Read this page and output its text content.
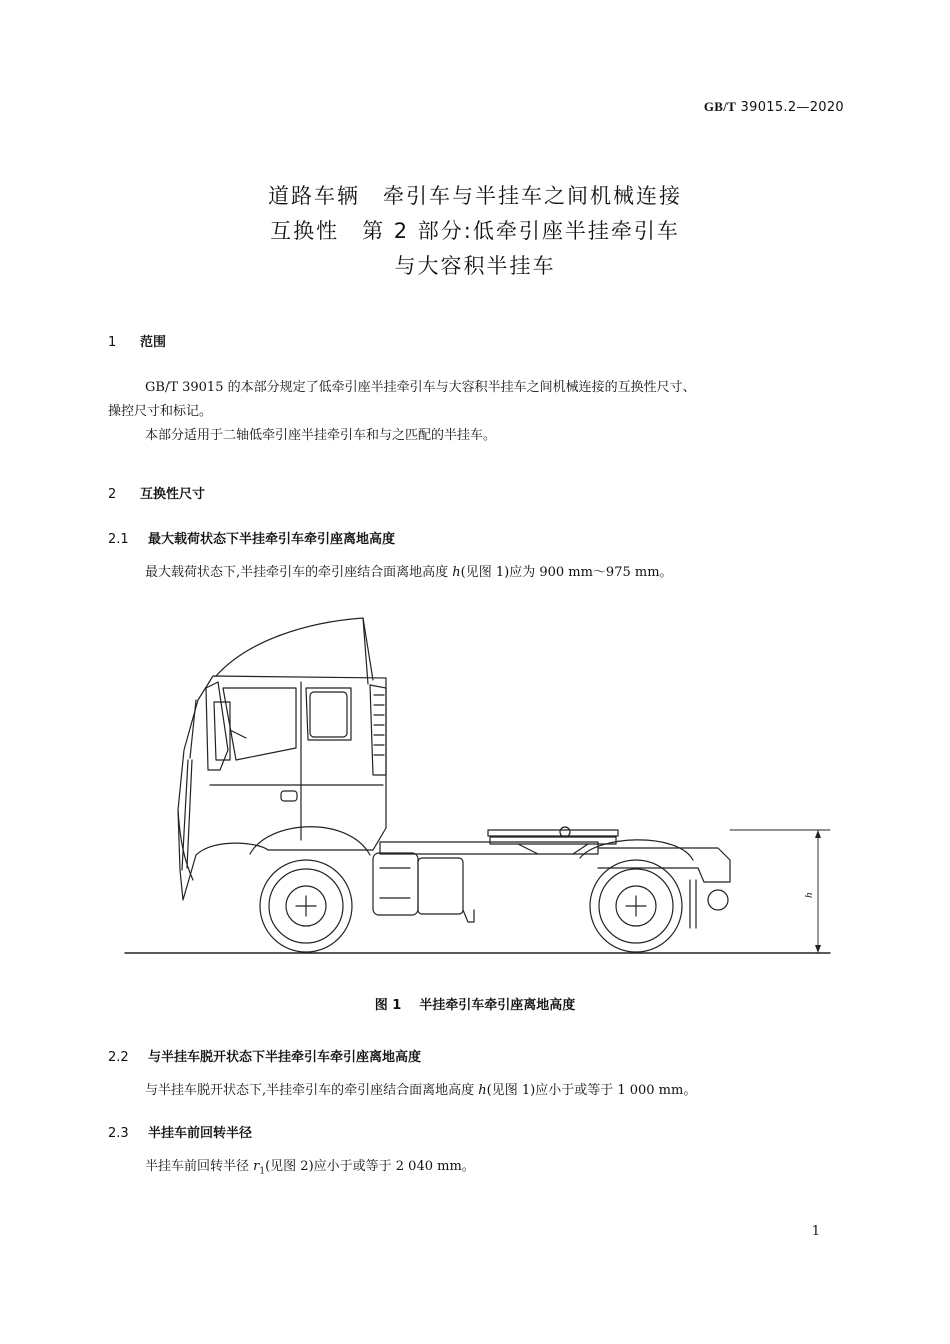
GB/T 39015.2—2020
道路车辆　牵引车与半挂车之间机械连接
互换性　第 2 部分:低牵引座半挂牵引车
与大容积半挂车
1 范围
GB/T 39015 的本部分规定了低牵引座半挂牵引车与大容积半挂车之间机械连接的互换性尺寸、
操控尺寸和标记。
本部分适用于二轴低牵引座半挂牵引车和与之匹配的半挂车。
2 互换性尺寸
2.1 最大载荷状态下半挂牵引车牵引座离地高度
最大载荷状态下,半挂牵引车的牵引座结合面离地高度 h(见图 1)应为 900 mm～975 mm。
h
图 1 半挂牵引车牵引座离地高度
2.2 与半挂车脱开状态下半挂牵引车牵引座离地高度
与半挂车脱开状态下,半挂牵引车的牵引座结合面离地高度 h(见图 1)应小于或等于 1 000 mm。
2.3 半挂车前回转半径
半挂车前回转半径 $r_1$(见图 2)应小于或等于 2 040 mm。
1
